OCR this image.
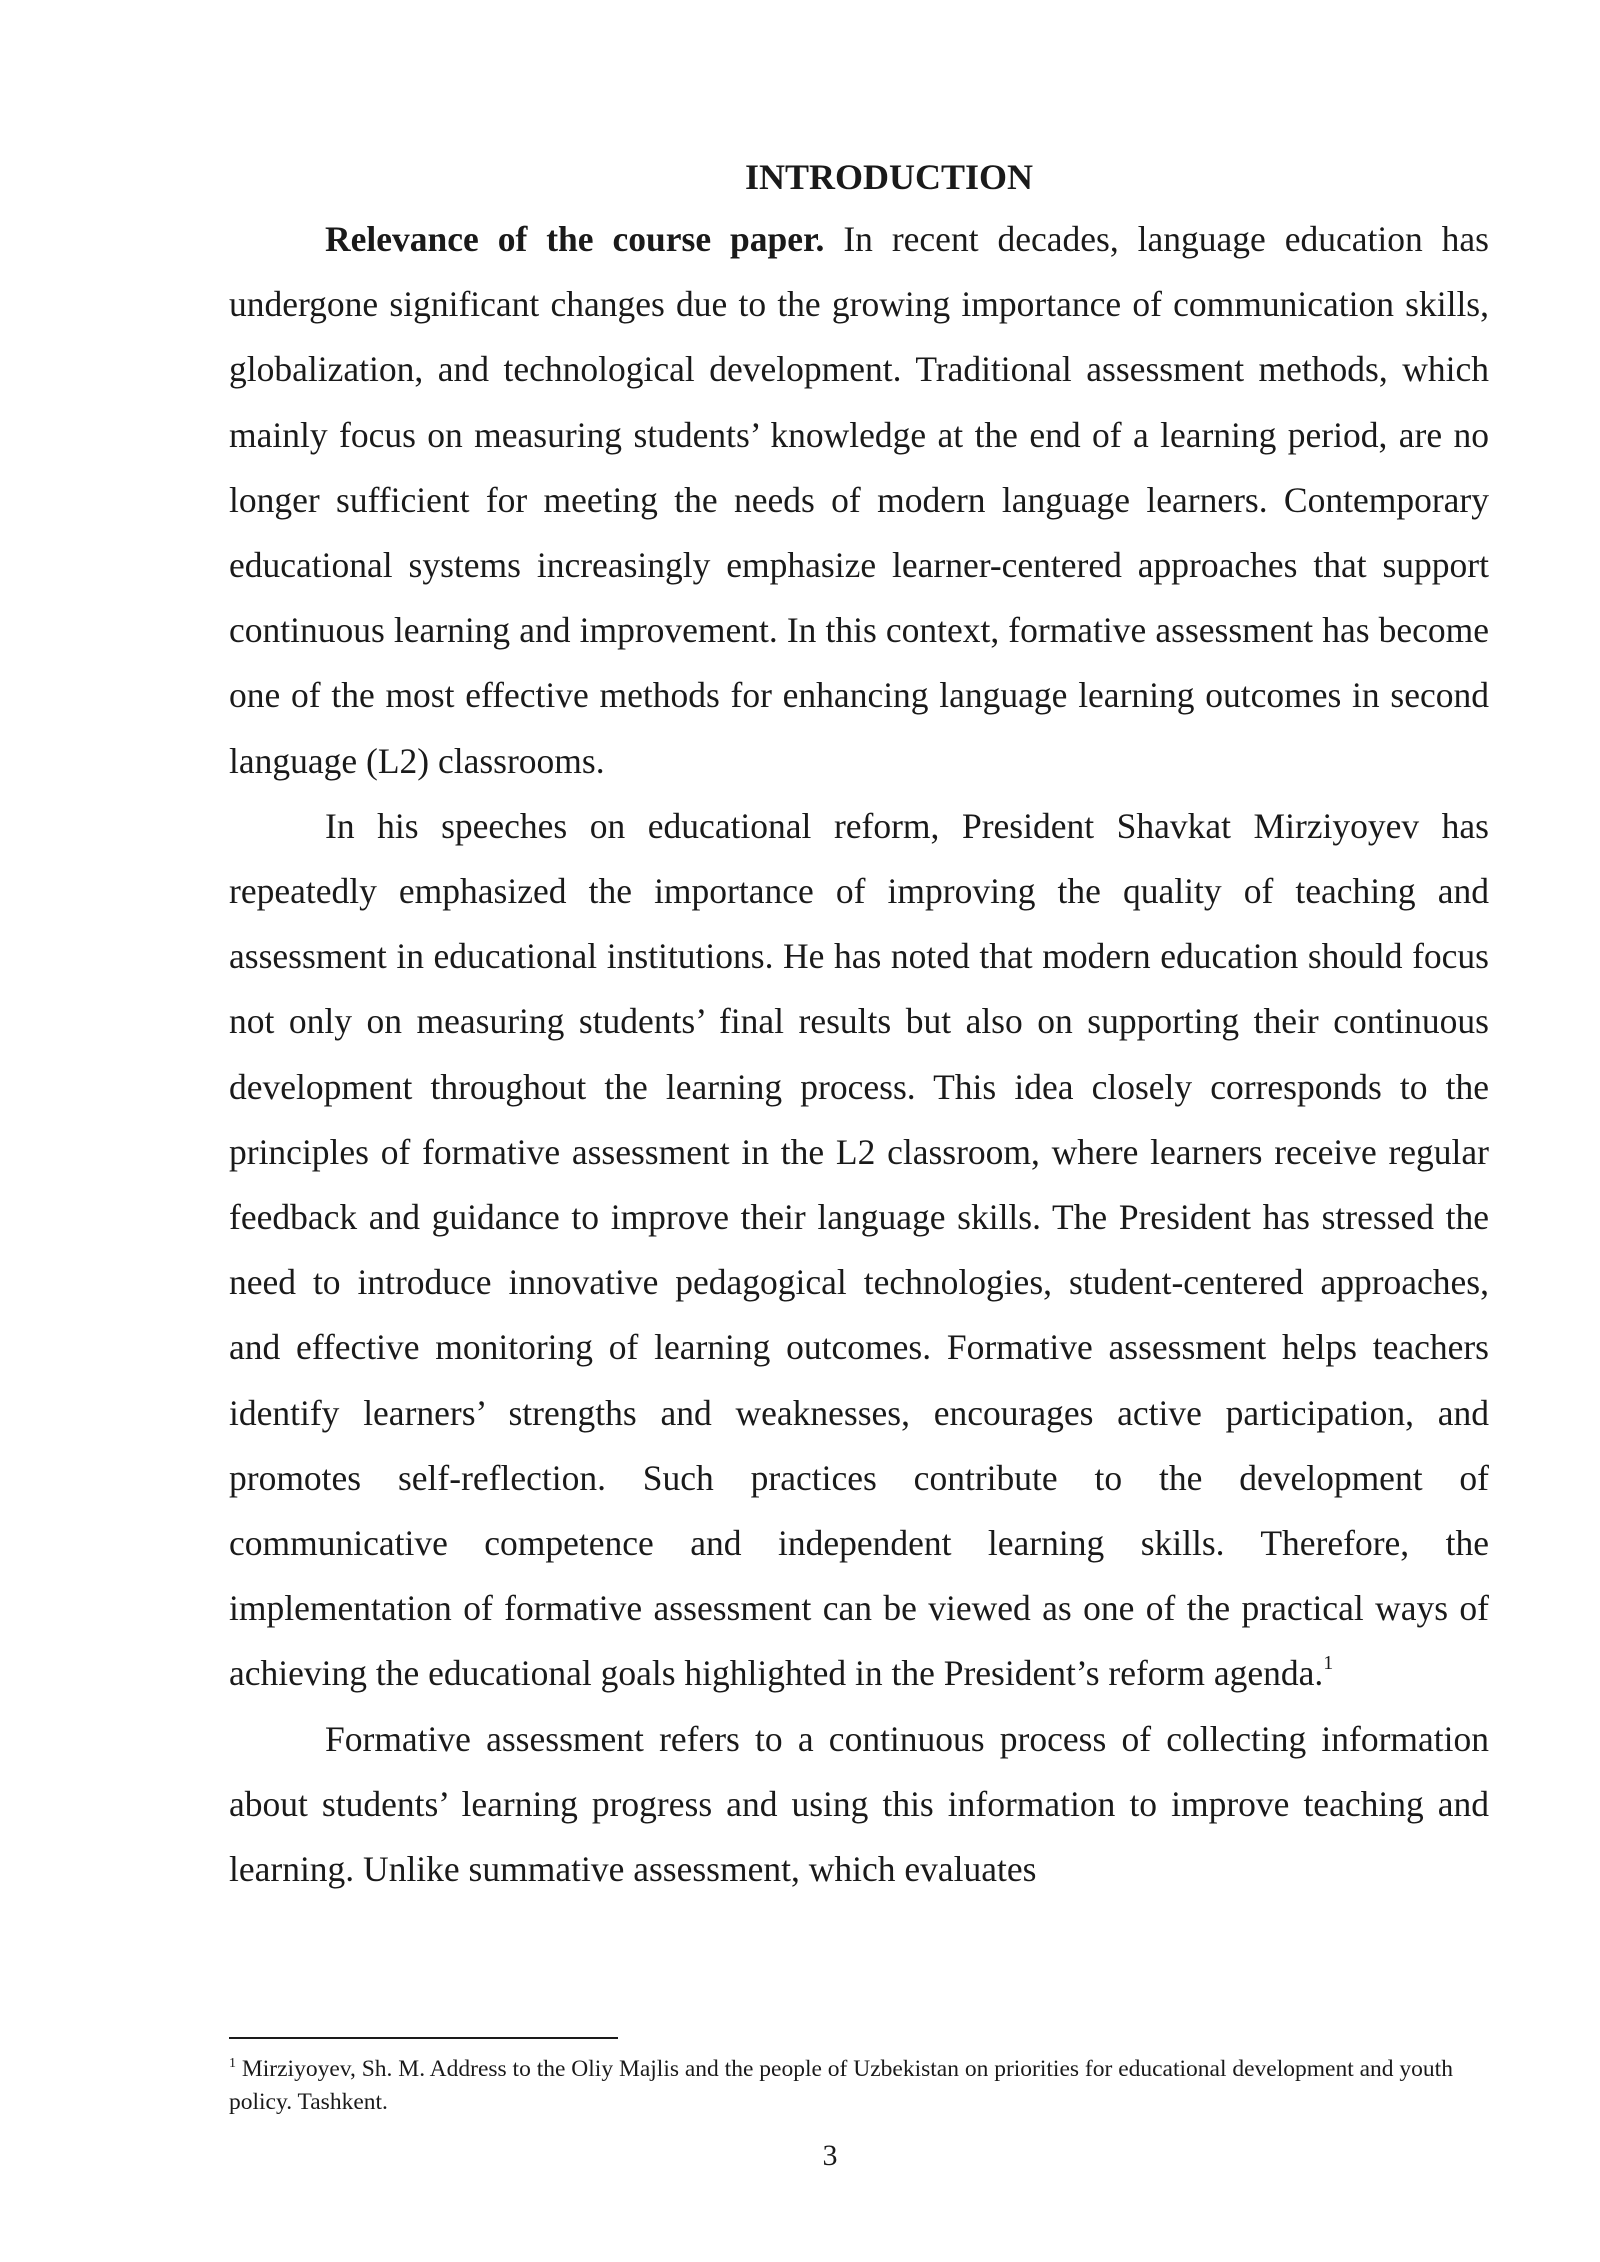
INTRODUCTION

Relevance of the course paper. In recent decades, language education has undergone significant changes due to the growing importance of communication skills, globalization, and technological development. Traditional assessment methods, which mainly focus on measuring students’ knowledge at the end of a learning period, are no longer sufficient for meeting the needs of modern language learners. Contemporary educational systems increasingly emphasize learner-centered approaches that support continuous learning and improvement. In this context, formative assessment has become one of the most effective methods for enhancing language learning outcomes in second language (L2) classrooms.

In his speeches on educational reform, President Shavkat Mirziyoyev has repeatedly emphasized the importance of improving the quality of teaching and assessment in educational institutions. He has noted that modern education should focus not only on measuring students’ final results but also on supporting their continuous development throughout the learning process. This idea closely corresponds to the principles of formative assessment in the L2 classroom, where learners receive regular feedback and guidance to improve their language skills. The President has stressed the need to introduce innovative pedagogical technologies, student-centered approaches, and effective monitoring of learning outcomes. Formative assessment helps teachers identify learners’ strengths and weaknesses, encourages active participation, and promotes self-reflection. Such practices contribute to the development of communicative competence and independent learning skills. Therefore, the implementation of formative assessment can be viewed as one of the practical ways of achieving the educational goals highlighted in the President’s reform agenda.$^1$

Formative assessment refers to a continuous process of collecting information about students’ learning progress and using this information to improve teaching and learning. Unlike summative assessment, which evaluates

$^1$ Mirziyoyev, Sh. M. Address to the Oliy Majlis and the people of Uzbekistan on priorities for educational development and youth policy. Tashkent.

3
